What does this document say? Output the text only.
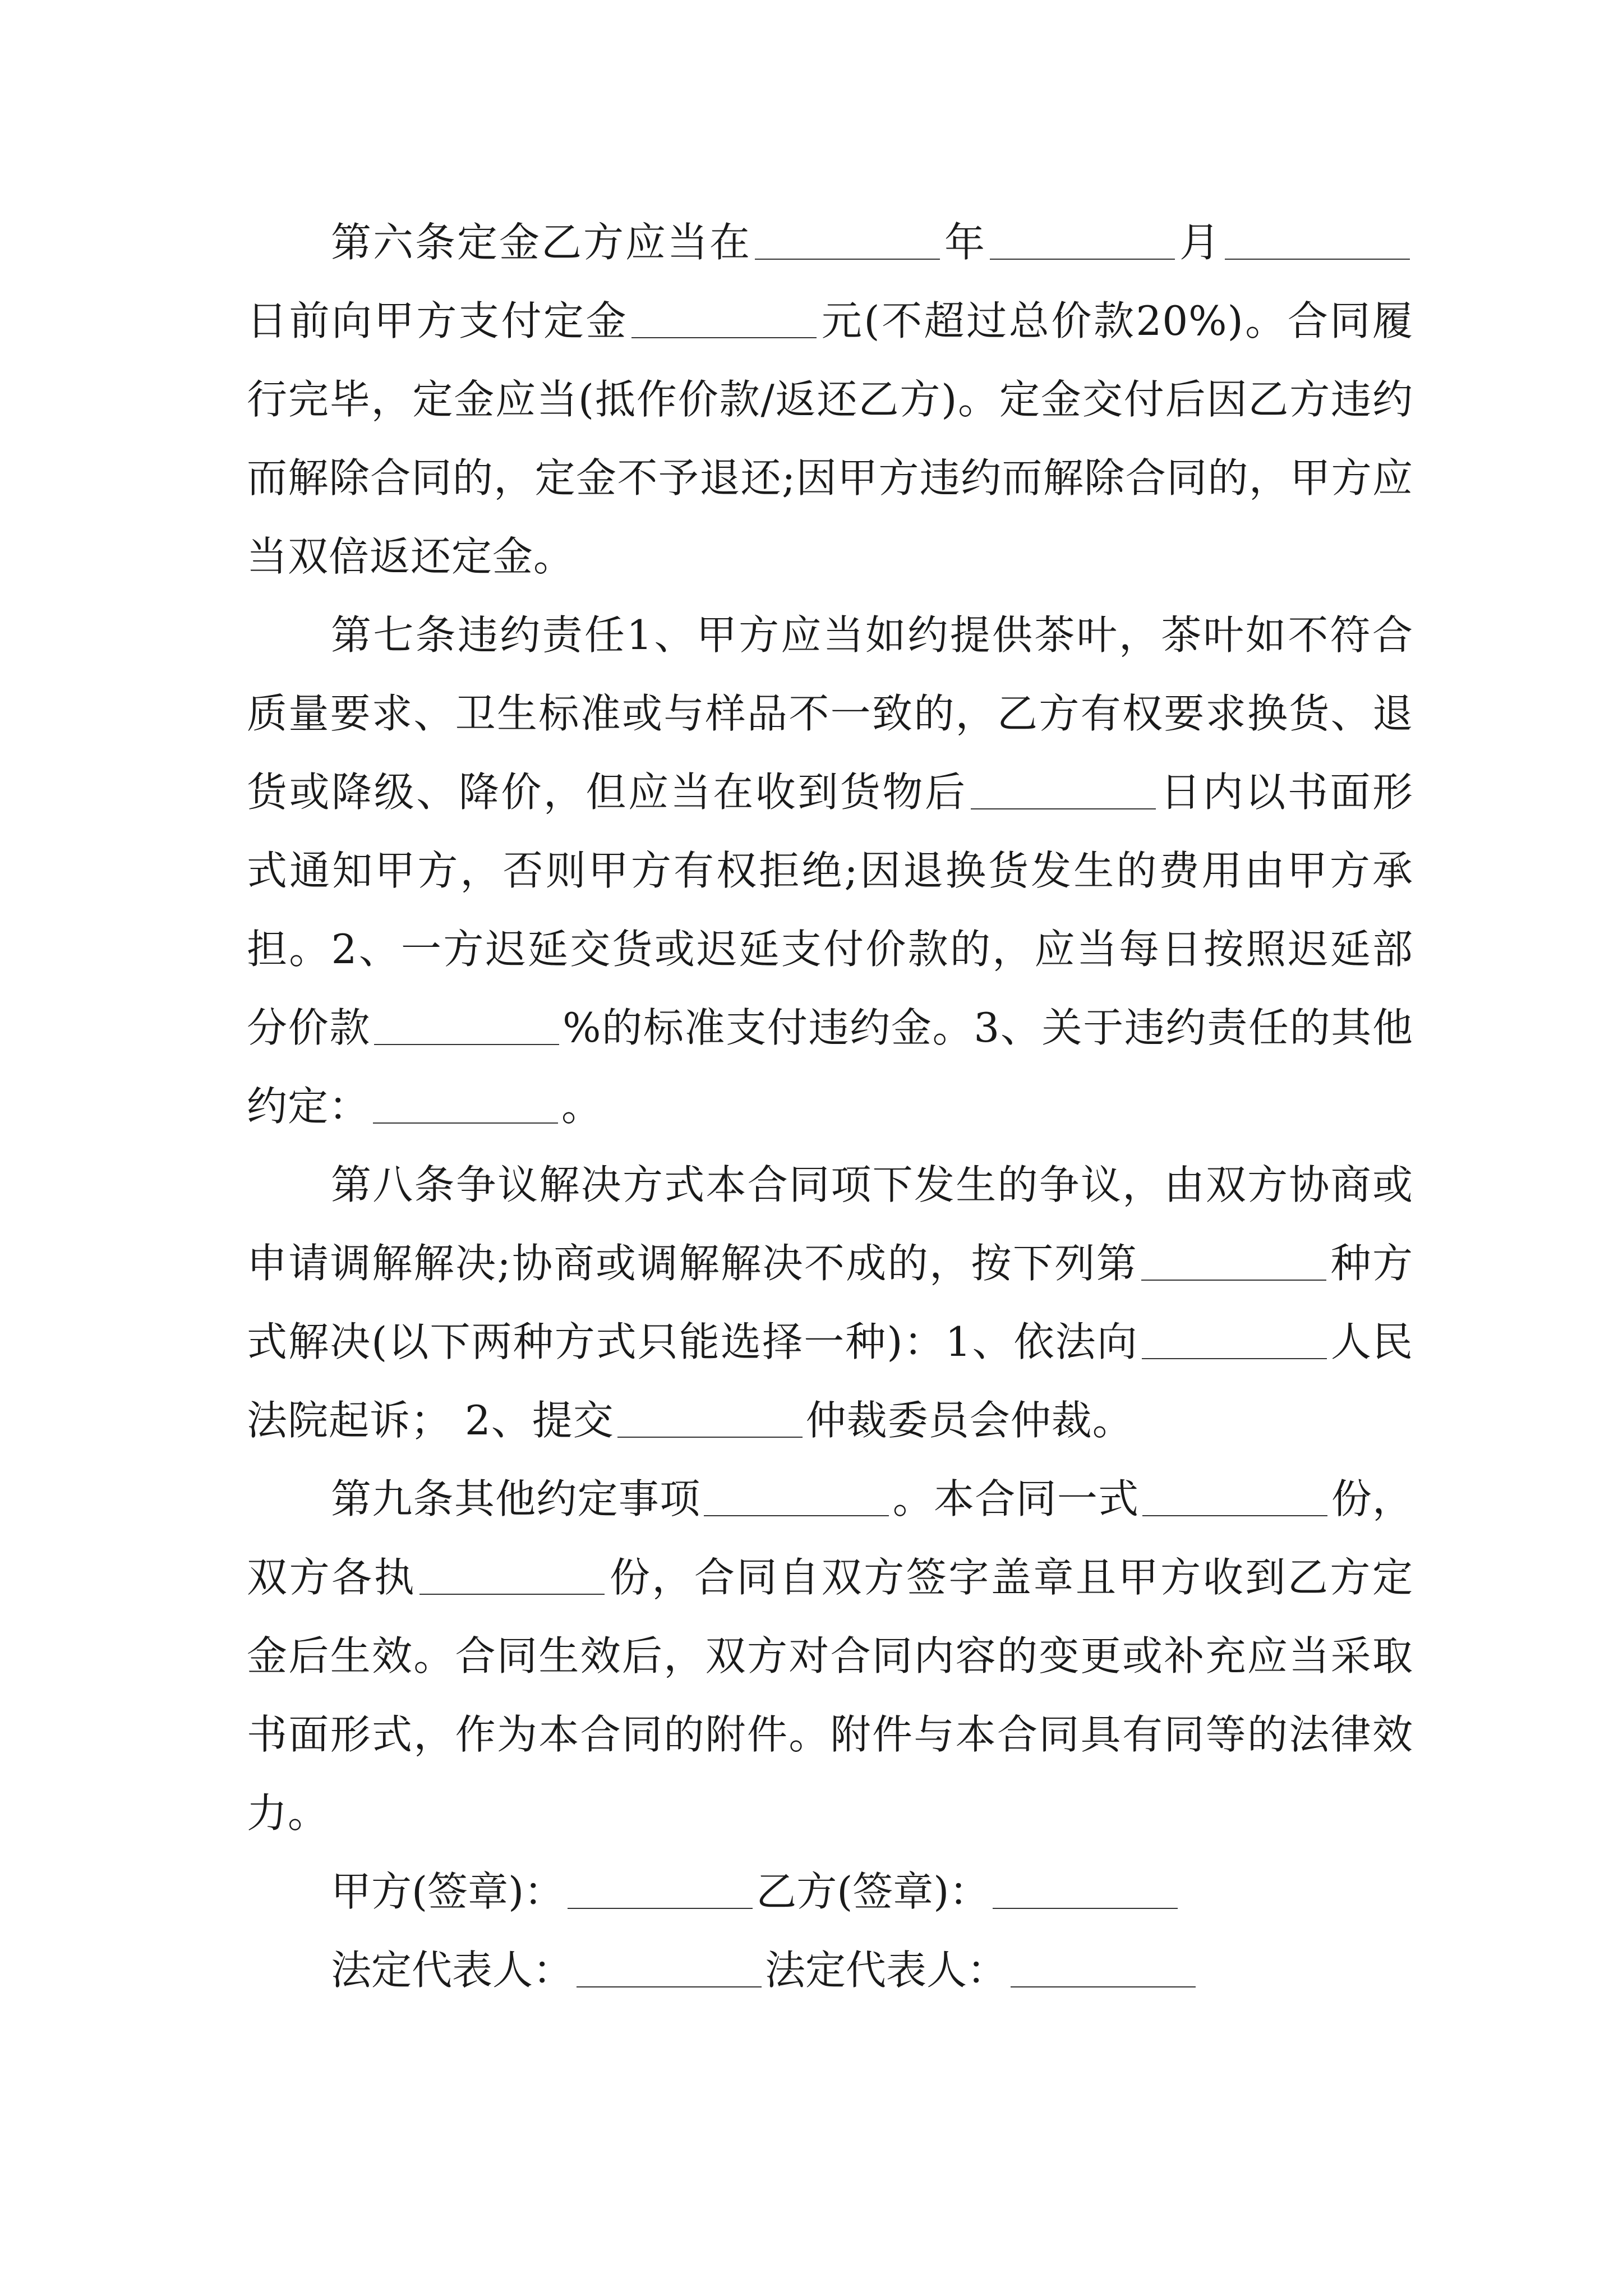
第六条定金乙方应当在	年	月日前向甲方支付定金	元(不超过总价款20%)。合同履行完毕，定金应当(抵作价款/返还乙方)。定金交付后因乙方违约而解除合同的，定金不予退还;因甲方违约而解除合同的，甲方应当双倍返还定金。

第七条违约责任1、甲方应当如约提供茶叶，茶叶如不符合质量要求、卫生标准或与样品不一致的，乙方有权要求换货、退货或降级、降价，但应当在收到货物后	日内以书面形式通知甲方，否则甲方有权拒绝;因退换货发生的费用由甲方承担。2、一方迟延交货或迟延支付价款的，应当每日按照迟延部分价款	%的标准支付违约金。3、关于违约责任的其他约定：	。

第八条争议解决方式本合同项下发生的争议，由双方协商或申请调解解决;协商或调解解决不成的，按下列第	种方式解决(以下两种方式只能选择一种)：1、依法向	人民法院起诉； 2、提交	仲裁委员会仲裁。

第九条其他约定事项	。本合同一式	份，双方各执	份，合同自双方签字盖章且甲方收到乙方定金后生效。合同生效后，双方对合同内容的变更或补充应当采取书面形式，作为本合同的附件。附件与本合同具有同等的法律效力。

甲方(签章)：	乙方(签章)：
法定代表人：	法定代表人：
